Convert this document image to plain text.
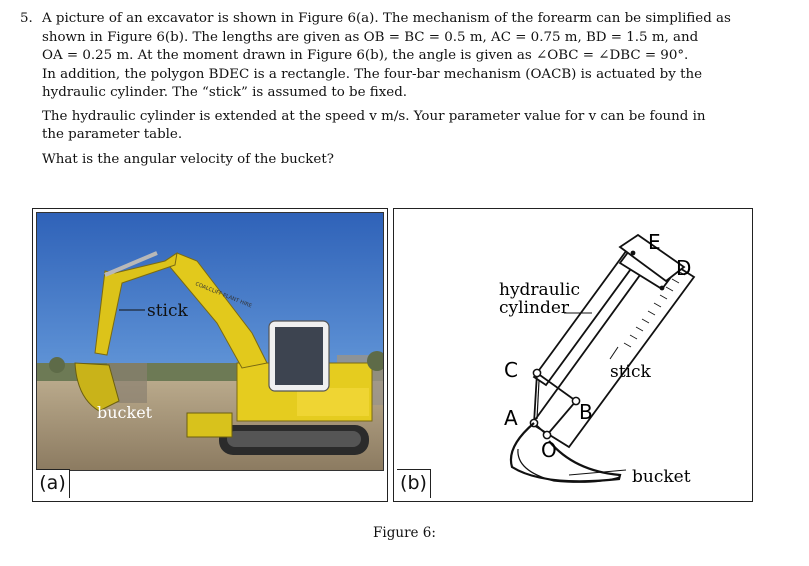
5. A picture of an excavator is shown in Figure 6(a). The mechanism of the forearm can be simplified as
shown in Figure 6(b). The lengths are given as OB = BC = 0.5 m, AC = 0.75 m, BD = 1.5 m, and
OA = 0.25 m. At the moment drawn in Figure 6(b), the angle is given as ∠OBC = ∠DBC = 90°.
In addition, the polygon BDEC is a rectangle. The four-bar mechanism (OACB) is actuated by the
hydraulic cylinder. The “stick” is assumed to be fixed.
The hydraulic cylinder is extended at the speed v m/s. Your parameter value for v can be found in
the parameter table.
What is the angular velocity of the bucket?
COALCLIFF PLANT HIRE
stick
bucket
(a)
hydraulic
cylinder
stick
bucket
E
D
C
A	B
O
(b)
Figure 6:
